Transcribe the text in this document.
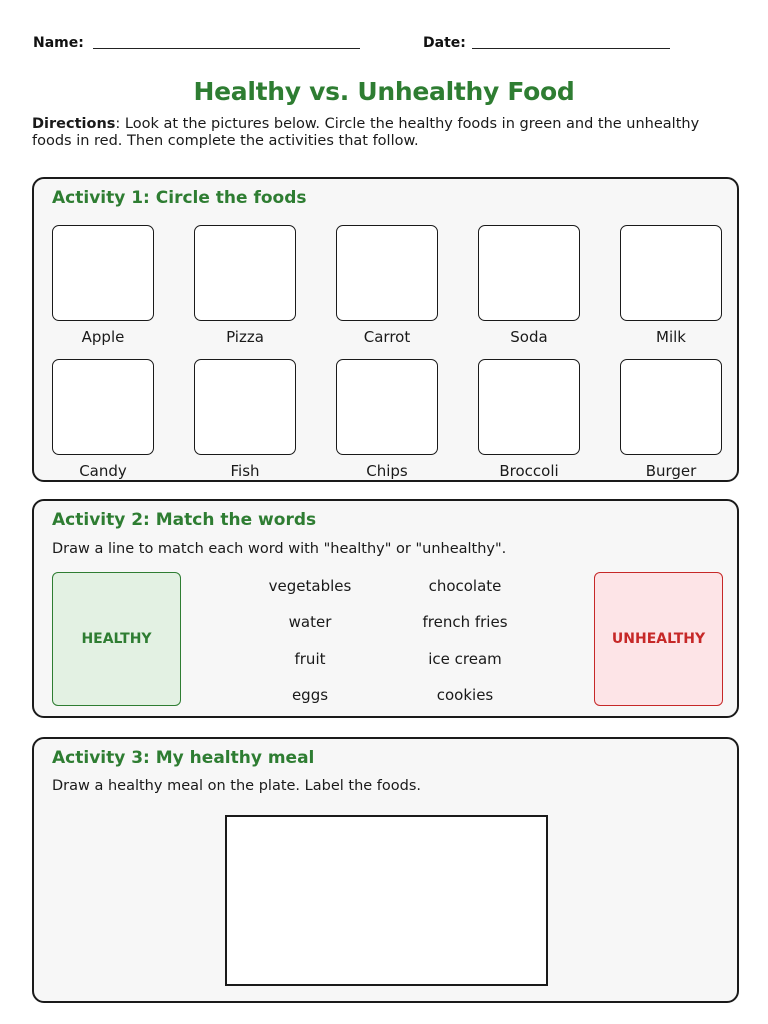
Name:	Date:
Healthy vs. Unhealthy Food
Directions: Look at the pictures below. Circle the healthy foods in green and the unhealthy foods in red. Then complete the activities that follow.
Activity 1: Circle the foods
Apple	Pizza	Carrot	Soda	Milk
Candy	Fish	Chips	Broccoli	Burger
Activity 2: Match the words
Draw a line to match each word with "healthy" or "unhealthy".
HEALTHY	UNHEALTHY
vegetables
water
fruit
eggs
chocolate
french fries
ice cream
cookies
Activity 3: My healthy meal
Draw a healthy meal on the plate. Label the foods.
